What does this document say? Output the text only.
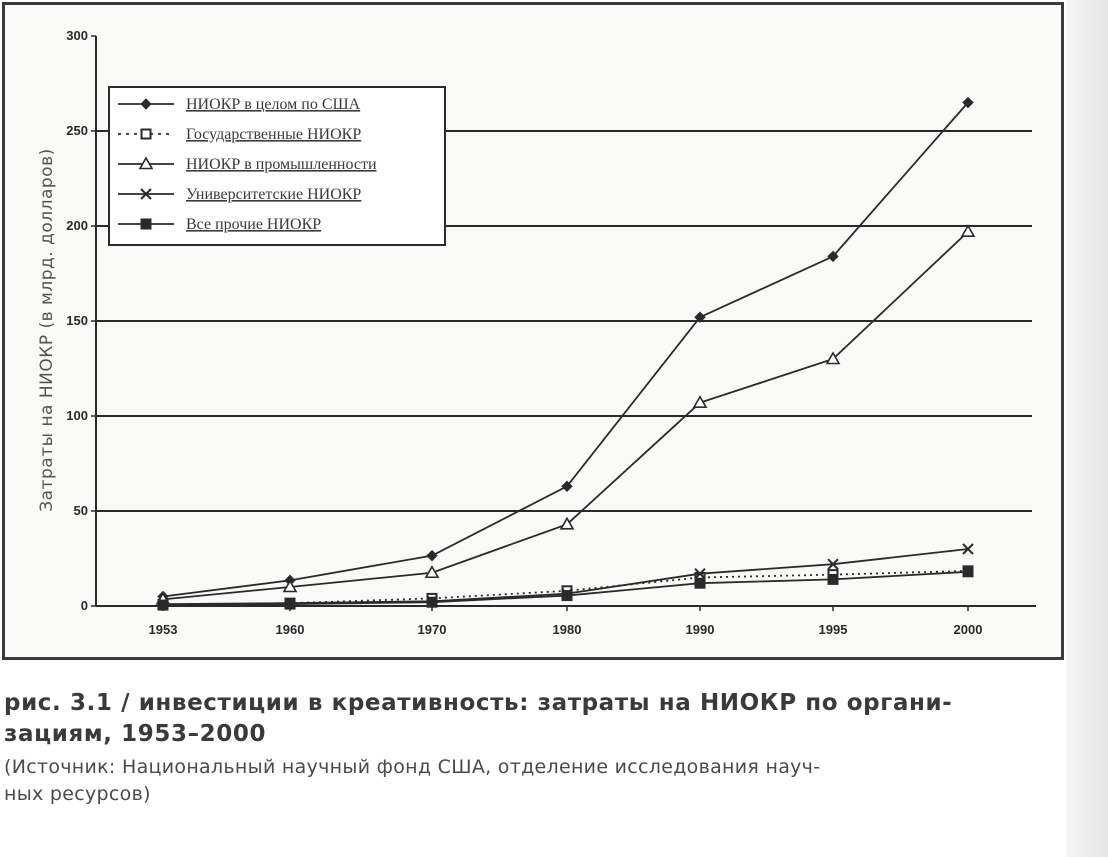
0
50
100
150
200
250
300
1953	1960	1970	1980	1990	1995	2000
Затраты на НИОКР (в млрд. долларов)
НИОКР в целом по США
Государственные НИОКР
НИОКР в промышленности
Университетские НИОКР
Все прочие НИОКР

рис. 3.1 / инвестиции в креативность: затраты на НИОКР по органи-
зациям, 1953–2000

(Источник: Национальный научный фонд США, отделение исследования науч-
ных ресурсов)
